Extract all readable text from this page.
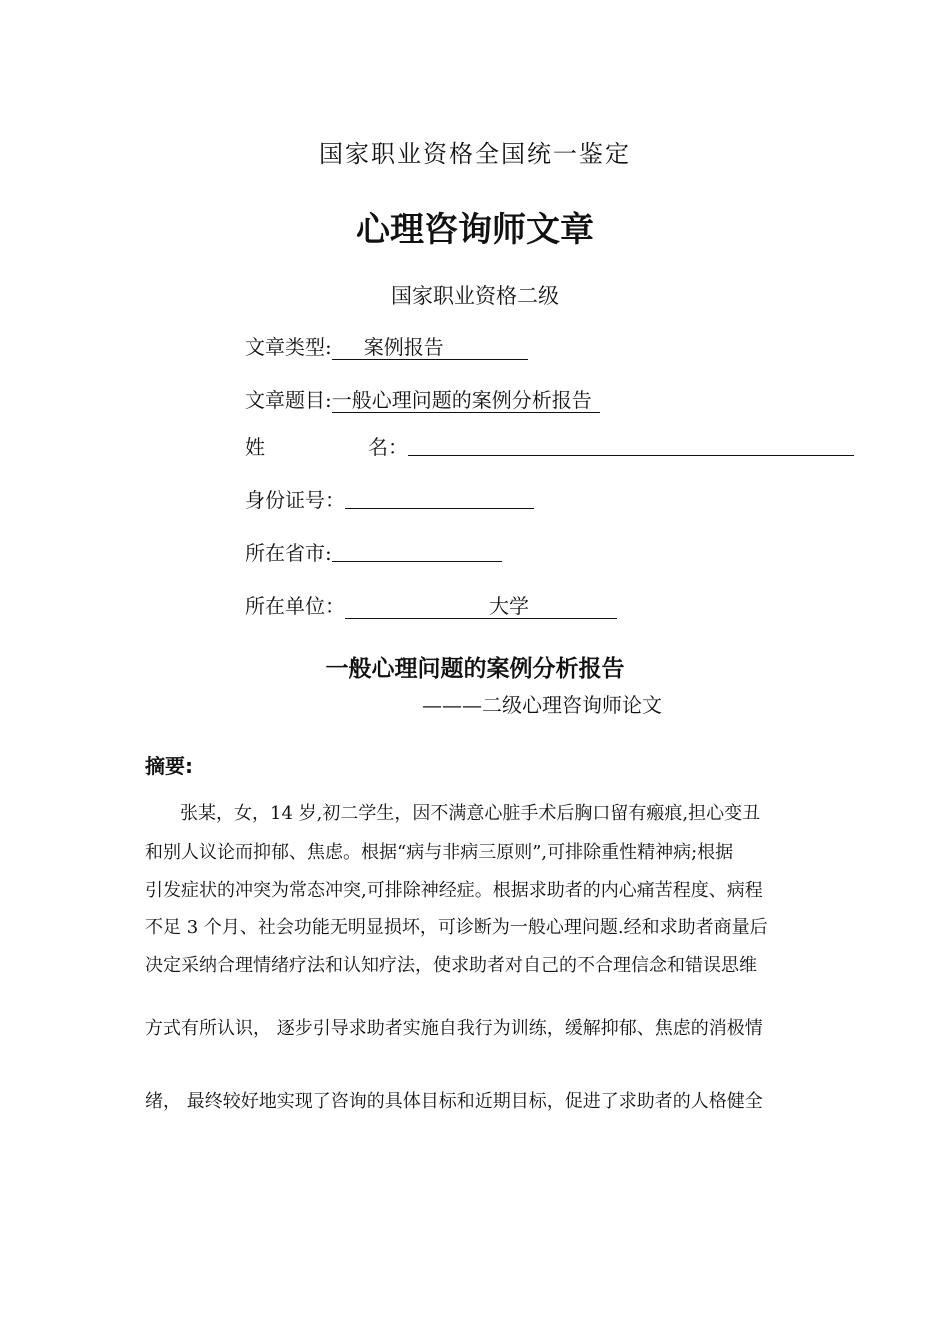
国家职业资格全国统一鉴定
心理咨询师文章
国家职业资格二级
文章类型: 案例报告
文章题目:一般心理问题的案例分析报告
姓	名：
身份证号：
所在省市:
所在单位：	大学
一般心理问题的案例分析报告
———二级心理咨询师论文
摘要:
张某，女，14 岁,初二学生，因不满意心脏手术后胸口留有瘢痕,担心变丑
和别人议论而抑郁、焦虑。根据“病与非病三原则”,可排除重性精神病;根据
引发症状的冲突为常态冲突,可排除神经症。根据求助者的内心痛苦程度、病程
不足 3 个月、社会功能无明显损坏，可诊断为一般心理问题.经和求助者商量后
决定采纳合理情绪疗法和认知疗法，使求助者对自己的不合理信念和错误思维
方式有所认识， 逐步引导求助者实施自我行为训练，缓解抑郁、焦虑的消极情
绪， 最终较好地实现了咨询的具体目标和近期目标，促进了求助者的人格健全
